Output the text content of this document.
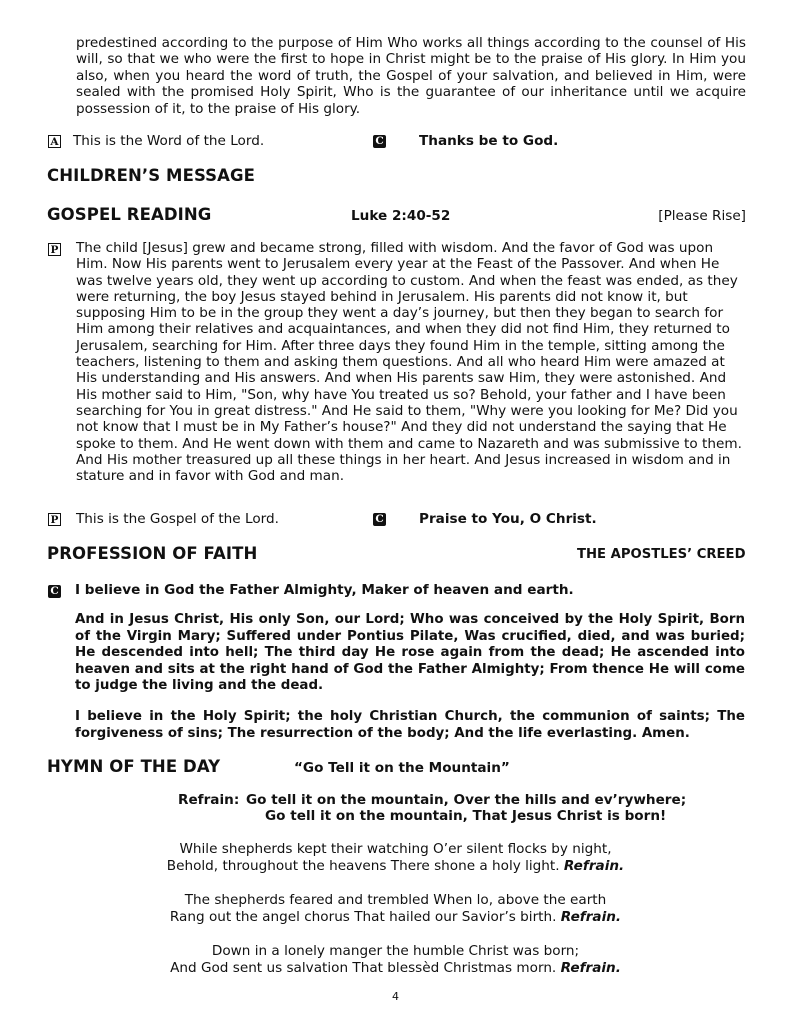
predestined according to the purpose of Him Who works all things according to the counsel of His will, so that we who were the first to hope in Christ might be to the praise of His glory. In Him you also, when you heard the word of truth, the Gospel of your salvation, and believed in Him, were sealed with the promised Holy Spirit, Who is the guarantee of our inheritance until we acquire possession of it, to the praise of His glory.
A This is the Word of the Lord.	C	Thanks be to God.
CHILDREN’S MESSAGE
GOSPEL READING	Luke 2:40-52	[Please Rise]
P The child [Jesus] grew and became strong, filled with wisdom. And the favor of God was upon Him. Now His parents went to Jerusalem every year at the Feast of the Passover. And when He was twelve years old, they went up according to custom. And when the feast was ended, as they were returning, the boy Jesus stayed behind in Jerusalem. His parents did not know it, but supposing Him to be in the group they went a day’s journey, but then they began to search for Him among their relatives and acquaintances, and when they did not find Him, they returned to Jerusalem, searching for Him. After three days they found Him in the temple, sitting among the teachers, listening to them and asking them questions. And all who heard Him were amazed at His understanding and His answers. And when His parents saw Him, they were astonished. And His mother said to Him, "Son, why have You treated us so? Behold, your father and I have been searching for You in great distress." And He said to them, "Why were you looking for Me? Did you not know that I must be in My Father’s house?" And they did not understand the saying that He spoke to them. And He went down with them and came to Nazareth and was submissive to them. And His mother treasured up all these things in her heart. And Jesus increased in wisdom and in stature and in favor with God and man.
P This is the Gospel of the Lord.	C	Praise to You, O Christ.
PROFESSION OF FAITH	THE APOSTLES’ CREED
C I believe in God the Father Almighty, Maker of heaven and earth.
And in Jesus Christ, His only Son, our Lord; Who was conceived by the Holy Spirit, Born of the Virgin Mary; Suffered under Pontius Pilate, Was crucified, died, and was buried; He descended into hell; The third day He rose again from the dead; He ascended into heaven and sits at the right hand of God the Father Almighty; From thence He will come to judge the living and the dead.
I believe in the Holy Spirit; the holy Christian Church, the communion of saints; The forgiveness of sins; The resurrection of the body; And the life everlasting. Amen.
HYMN OF THE DAY	“Go Tell it on the Mountain”
Refrain: Go tell it on the mountain, Over the hills and ev’rywhere;
Go tell it on the mountain, That Jesus Christ is born!
While shepherds kept their watching O’er silent flocks by night,
Behold, throughout the heavens There shone a holy light. Refrain.
The shepherds feared and trembled When lo, above the earth
Rang out the angel chorus That hailed our Savior’s birth. Refrain.
Down in a lonely manger the humble Christ was born;
And God sent us salvation That blessèd Christmas morn. Refrain.
4
